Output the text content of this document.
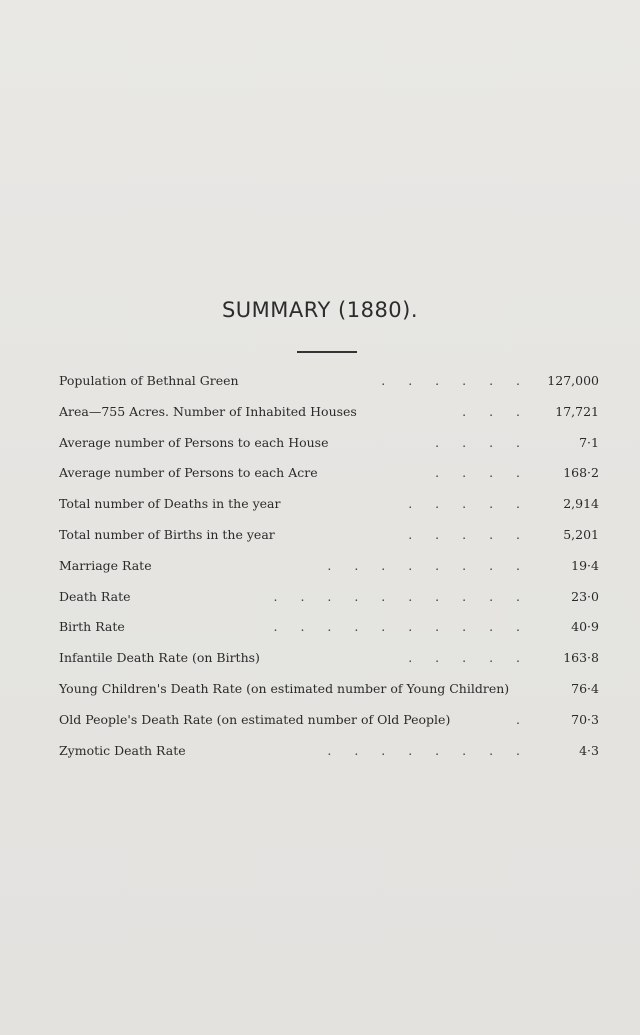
SUMMARY (1880).
Population of Bethnal Green	. . . . . .	127,000
Area—755 Acres. Number of Inhabited Houses	. . .	17,721
Average number of Persons to each House	. . . .	7·1
Average number of Persons to each Acre	. . . .	168·2
Total number of Deaths in the year	. . . . .	2,914
Total number of Births in the year	. . . . .	5,201
Marriage Rate	. . . . . . . .	19·4
Death Rate	. . . . . . . . . .	23·0
Birth Rate	. . . . . . . . . .	40·9
Infantile Death Rate (on Births)	. . . . .	163·8
Young Children's Death Rate (on estimated number of Young Children)	76·4
Old People's Death Rate (on estimated number of Old People)	.	70·3
Zymotic Death Rate	. . . . . . . .	4·3
